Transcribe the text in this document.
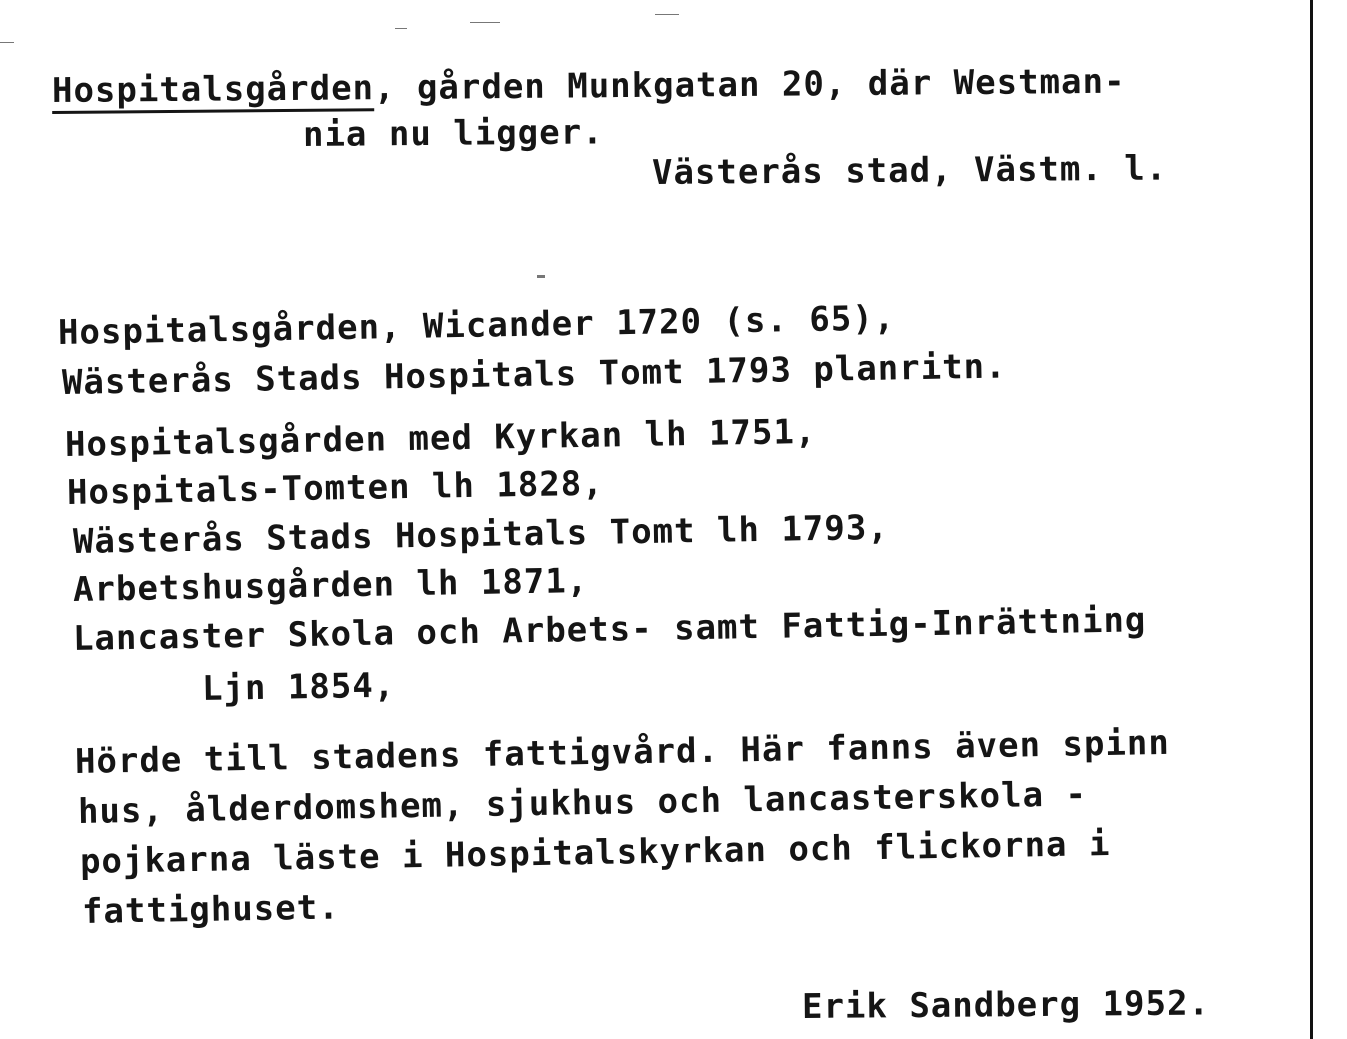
Hospitalsgården, gården Munkgatan 20, där Westman-
nia nu ligger.
Västerås stad, Västm. l.
Hospitalsgården, Wicander 1720 (s. 65),
Wästerås Stads Hospitals Tomt 1793 planritn.
Hospitalsgården med Kyrkan lh 1751,
Hospitals-Tomten lh 1828,
Wästerås Stads Hospitals Tomt lh 1793,
Arbetshusgården lh 1871,
Lancaster Skola och Arbets- samt Fattig-Inrättning
Ljn 1854,
Hörde till stadens fattigvård. Här fanns även spinn
hus, ålderdomshem, sjukhus och lancasterskola -
pojkarna läste i Hospitalskyrkan och flickorna i
fattighuset.
Erik Sandberg 1952.
